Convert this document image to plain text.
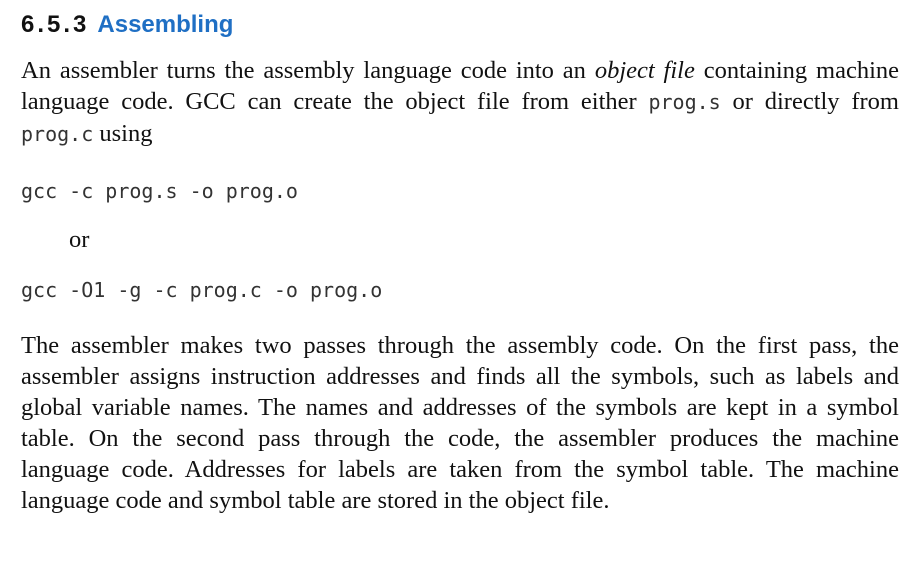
6.5.3 Assembling

An assembler turns the assembly language code into an object file containing machine language code. GCC can create the object file from either prog.s or directly from prog.c using

gcc -c prog.s -o prog.o
or
gcc -O1 -g -c prog.c -o prog.o

The assembler makes two passes through the assembly code. On the first pass, the assembler assigns instruction addresses and finds all the symbols, such as labels and global variable names. The names and addresses of the symbols are kept in a symbol table. On the second pass through the code, the assembler produces the machine language code. Addresses for labels are taken from the symbol table. The machine language code and symbol table are stored in the object file.
